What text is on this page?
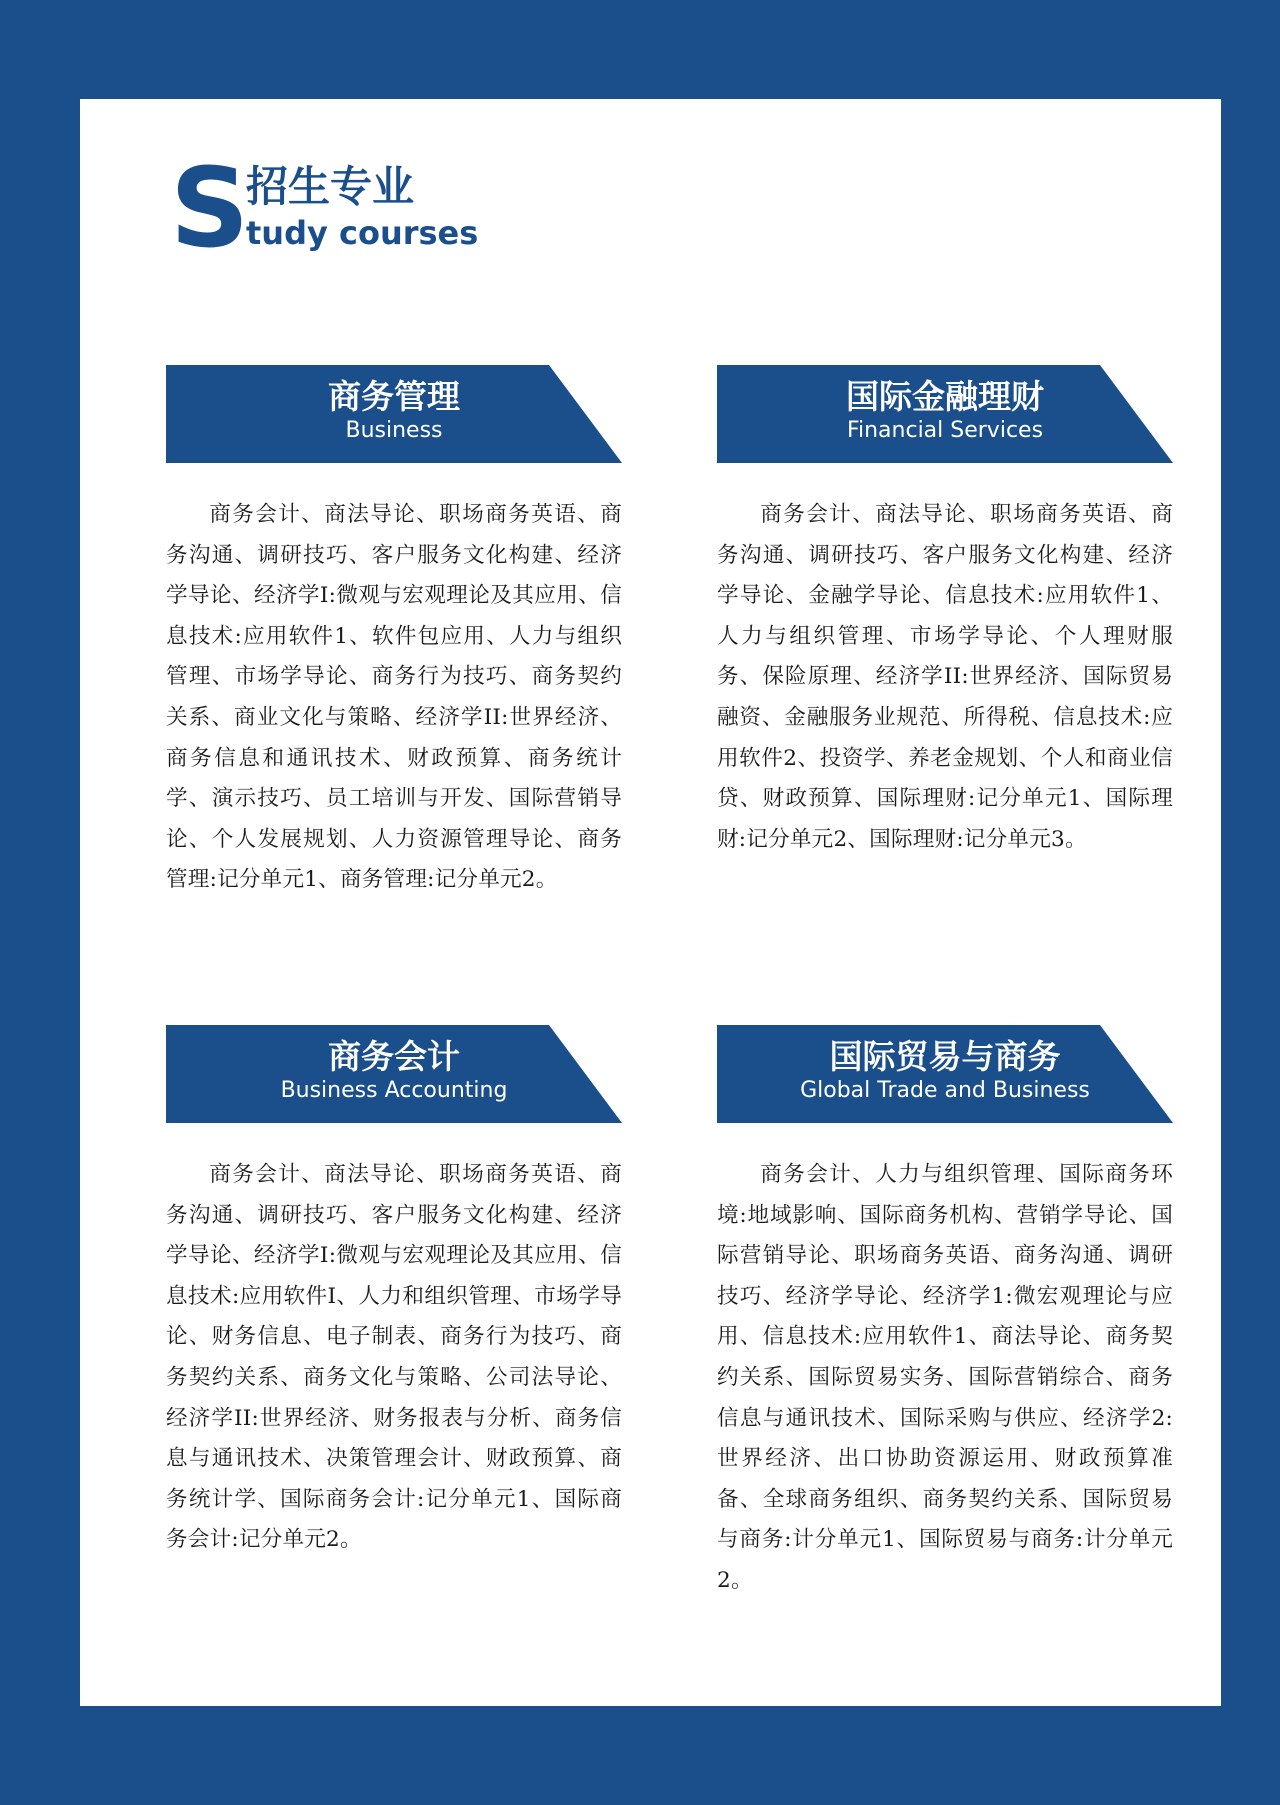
S
招生专业
tudy courses
商务管理
Business

商务会计、商法导论、职场商务英语、商务沟通、调研技巧、客户服务文化构建、经济学导论、经济学I:微观与宏观理论及其应用、信息技术:应用软件1、软件包应用、人力与组织管理、市场学导论、商务行为技巧、商务契约关系、商业文化与策略、经济学II:世界经济、商务信息和通讯技术、财政预算、商务统计学、演示技巧、员工培训与开发、国际营销导论、个人发展规划、人力资源管理导论、商务管理:记分单元1、商务管理:记分单元2。

国际金融理财
Financial Services

商务会计、商法导论、职场商务英语、商务沟通、调研技巧、客户服务文化构建、经济学导论、金融学导论、信息技术:应用软件1、人力与组织管理、市场学导论、个人理财服务、保险原理、经济学II:世界经济、国际贸易融资、金融服务业规范、所得税、信息技术:应用软件2、投资学、养老金规划、个人和商业信贷、财政预算、国际理财:记分单元1、国际理财:记分单元2、国际理财:记分单元3。

商务会计
Business Accounting

商务会计、商法导论、职场商务英语、商务沟通、调研技巧、客户服务文化构建、经济学导论、经济学Ⅰ:微观与宏观理论及其应用、信息技术:应用软件Ⅰ、人力和组织管理、市场学导论、财务信息、电子制表、商务行为技巧、商务契约关系、商务文化与策略、公司法导论、经济学II:世界经济、财务报表与分析、商务信息与通讯技术、决策管理会计、财政预算、商务统计学、国际商务会计:记分单元1、国际商务会计:记分单元2。

国际贸易与商务
Global Trade and Business

商务会计、人力与组织管理、国际商务环境:地域影响、国际商务机构、营销学导论、国际营销导论、职场商务英语、商务沟通、调研技巧、经济学导论、经济学1:微宏观理论与应用、信息技术:应用软件1、商法导论、商务契约关系、国际贸易实务、国际营销综合、商务信息与通讯技术、国际采购与供应、经济学2:世界经济、出口协助资源运用、财政预算准备、全球商务组织、商务契约关系、国际贸易与商务:计分单元1、国际贸易与商务:计分单元2。
